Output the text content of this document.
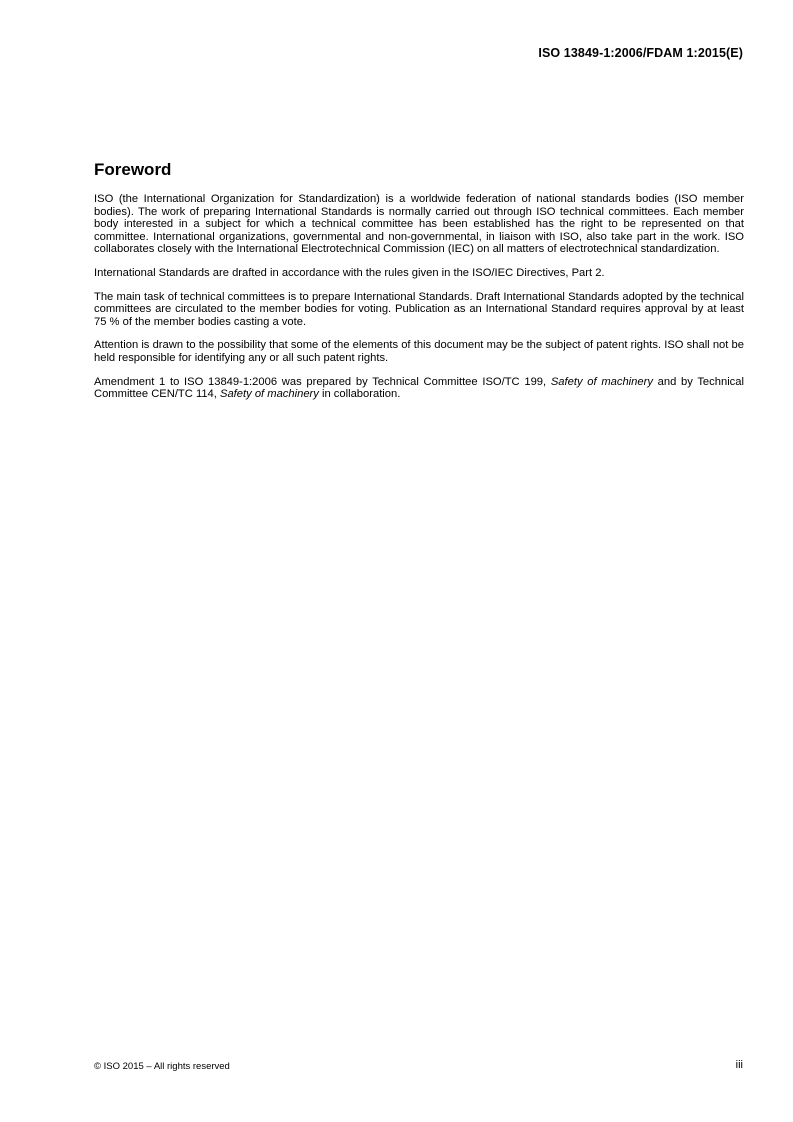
ISO 13849-1:2006/FDAM 1:2015(E)
Foreword

ISO (the International Organization for Standardization) is a worldwide federation of national standards bodies (ISO member bodies). The work of preparing International Standards is normally carried out through ISO technical committees. Each member body interested in a subject for which a technical committee has been established has the right to be represented on that committee. International organizations, governmental and non-governmental, in liaison with ISO, also take part in the work. ISO collaborates closely with the International Electrotechnical Commission (IEC) on all matters of electrotechnical standardization.

International Standards are drafted in accordance with the rules given in the ISO/IEC Directives, Part 2.

The main task of technical committees is to prepare International Standards. Draft International Standards adopted by the technical committees are circulated to the member bodies for voting. Publication as an International Standard requires approval by at least 75 % of the member bodies casting a vote.

Attention is drawn to the possibility that some of the elements of this document may be the subject of patent rights. ISO shall not be held responsible for identifying any or all such patent rights.

Amendment 1 to ISO 13849-1:2006 was prepared by Technical Committee ISO/TC 199, Safety of machinery and by Technical Committee CEN/TC 114, Safety of machinery in collaboration.

© ISO 2015 – All rights reserved	iii
